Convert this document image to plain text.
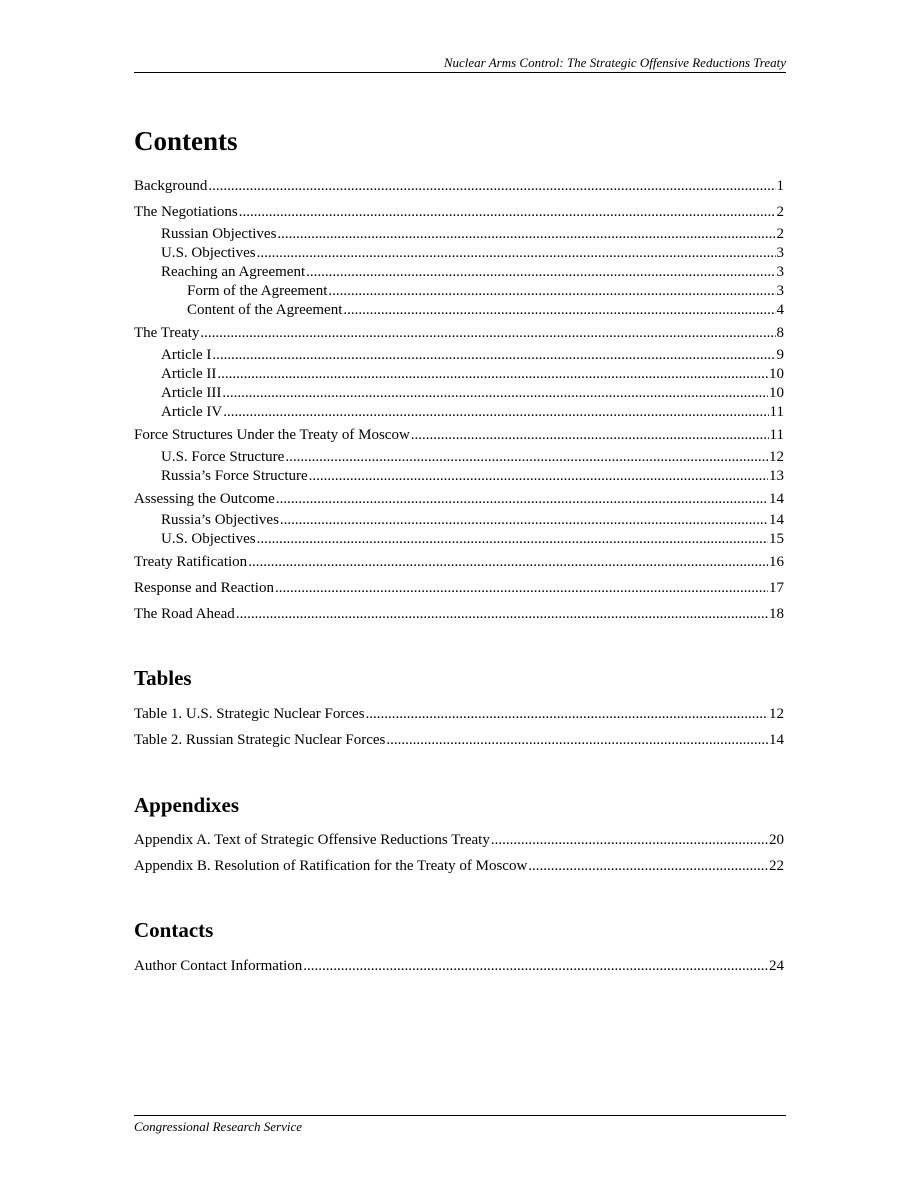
Nuclear Arms Control: The Strategic Offensive Reductions Treaty
Contents
Background .....	1
The Negotiations .....	2
Russian Objectives .....	2
U.S. Objectives .....	3
Reaching an Agreement .....	3
Form of the Agreement .....	3
Content of the Agreement .....	4
The Treaty .....	8
Article I .....	9
Article II .....	10
Article III .....	10
Article IV .....	11
Force Structures Under the Treaty of Moscow .....	11
U.S. Force Structure .....	12
Russia’s Force Structure .....	13
Assessing the Outcome .....	14
Russia’s Objectives .....	14
U.S. Objectives .....	15
Treaty Ratification .....	16
Response and Reaction .....	17
The Road Ahead .....	18
Tables
Table 1. U.S. Strategic Nuclear Forces .....	12
Table 2. Russian Strategic Nuclear Forces .....	14
Appendixes
Appendix A. Text of Strategic Offensive Reductions Treaty .....	20
Appendix B. Resolution of Ratification for the Treaty of Moscow .....	22
Contacts
Author Contact Information .....	24
Congressional Research Service
